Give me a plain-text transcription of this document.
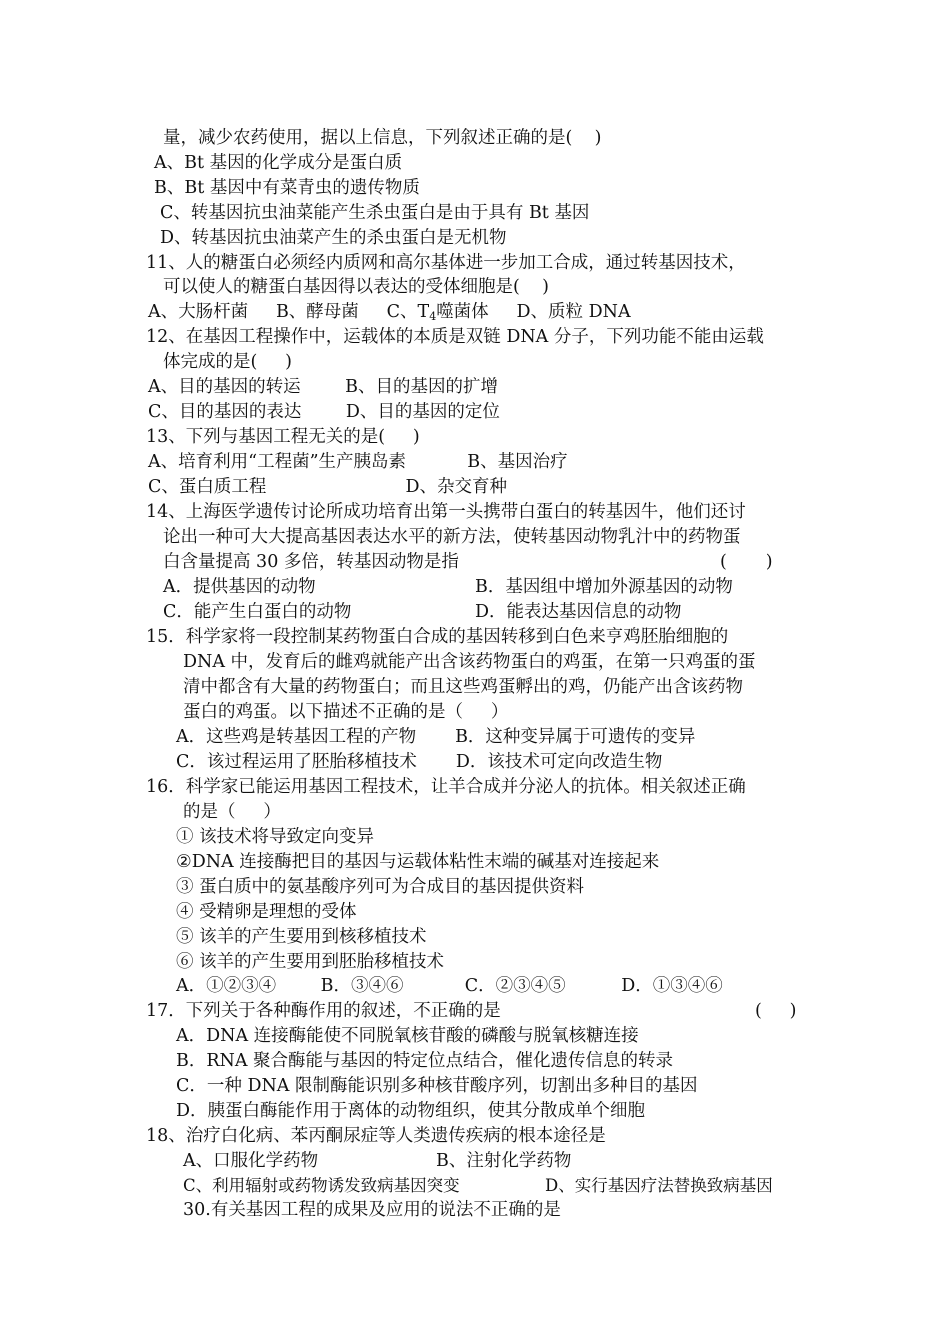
量，减少农药使用，据以上信息，下列叙述正确的是(    )
A、Bt 基因的化学成分是蛋白质
B、Bt 基因中有菜青虫的遗传物质
C、转基因抗虫油菜能产生杀虫蛋白是由于具有 Bt 基因
D、转基因抗虫油菜产生的杀虫蛋白是无机物
11、人的糖蛋白必须经内质网和高尔基体进一步加工合成，通过转基因技术，
可以使人的糖蛋白基因得以表达的受体细胞是(    )
A、大肠杆菌     B、酵母菌     C、$T_4$噬菌体     D、质粒 DNA
12、在基因工程操作中，运载体的本质是双链 DNA 分子，下列功能不能由运载
体完成的是(     )
A、目的基因的转运        B、目的基因的扩增
C、目的基因的表达        D、目的基因的定位
13、下列与基因工程无关的是(     )
A、培育利用“工程菌”生产胰岛素           B、基因治疗
C、蛋白质工程                         D、杂交育种
14、上海医学遗传讨论所成功培育出第一头携带白蛋白的转基因牛，他们还讨
论出一种可大大提高基因表达水平的新方法，使转基因动物乳汁中的药物蛋
白含量提高 30 多倍，转基因动物是指	(       )
A．提供基因的动物	B．基因组中增加外源基因的动物
C．能产生白蛋白的动物	D．能表达基因信息的动物
15．科学家将一段控制某药物蛋白合成的基因转移到白色来亨鸡胚胎细胞的
DNA 中，发育后的雌鸡就能产出含该药物蛋白的鸡蛋，在第一只鸡蛋的蛋
清中都含有大量的药物蛋白；而且这些鸡蛋孵出的鸡，仍能产出含该药物
蛋白的鸡蛋。以下描述不正确的是（     ）
A．这些鸡是转基因工程的产物       B．这种变异属于可遗传的变异
C．该过程运用了胚胎移植技术       D．该技术可定向改造生物
16．科学家已能运用基因工程技术，让羊合成并分泌人的抗体。相关叙述正确
的是（     ）
① 该技术将导致定向变异
②DNA 连接酶把目的基因与运载体粘性末端的碱基对连接起来
③ 蛋白质中的氨基酸序列可为合成目的基因提供资料
④ 受精卵是理想的受体
⑤ 该羊的产生要用到核移植技术
⑥ 该羊的产生要用到胚胎移植技术
A．①②③④        B．③④⑥           C．②③④⑤          D．①③④⑥
17．下列关于各种酶作用的叙述，不正确的是	(     )
A．DNA 连接酶能使不同脱氧核苷酸的磷酸与脱氧核糖连接
B．RNA 聚合酶能与基因的特定位点结合，催化遗传信息的转录
C．一种 DNA 限制酶能识别多种核苷酸序列，切割出多种目的基因
D．胰蛋白酶能作用于离体的动物组织，使其分散成单个细胞
18、治疗白化病、苯丙酮尿症等人类遗传疾病的根本途径是
A、口服化学药物	B、注射化学药物
C、利用辐射或药物诱发致病基因突变	D、实行基因疗法替换致病基因
30.有关基因工程的成果及应用的说法不正确的是
